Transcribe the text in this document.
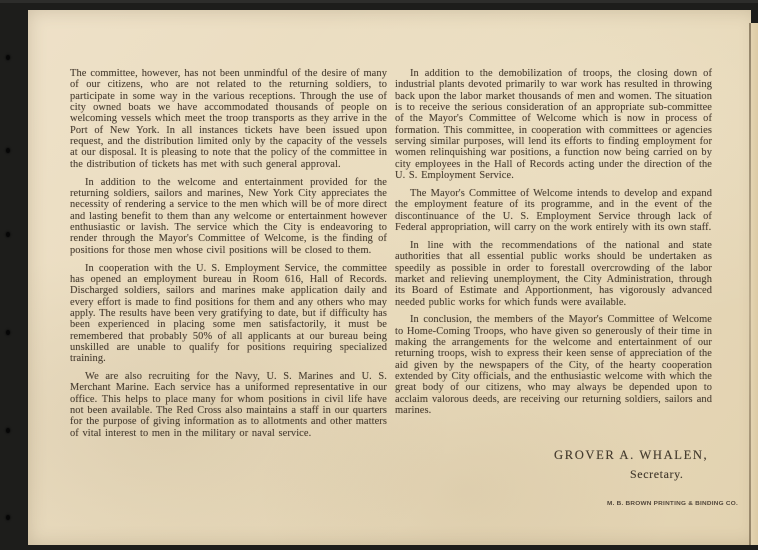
The committee, however, has not been unmindful of the desire of many of our citizens, who are not related to the returning soldiers, to participate in some way in the various receptions. Through the use of city owned boats we have accommodated thousands of people on welcoming vessels which meet the troop transports as they arrive in the Port of New York. In all instances tickets have been issued upon request, and the distribution limited only by the capacity of the vessels at our disposal. It is pleasing to note that the policy of the committee in the distribution of tickets has met with such general approval.

In addition to the welcome and entertainment provided for the returning soldiers, sailors and marines, New York City appreciates the necessity of rendering a service to the men which will be of more direct and lasting benefit to them than any welcome or entertainment however enthusiastic or lavish. The service which the City is endeavoring to render through the Mayor's Committee of Welcome, is the finding of positions for those men whose civil positions will be closed to them.

In cooperation with the U. S. Employment Service, the committee has opened an employment bureau in Room 616, Hall of Records. Discharged soldiers, sailors and marines make application daily and every effort is made to find positions for them and any others who may apply. The results have been very gratifying to date, but if difficulty has been experienced in placing some men satisfactorily, it must be remembered that probably 50% of all applicants at our bureau being unskilled are unable to qualify for positions requiring specialized training.

We are also recruiting for the Navy, U. S. Marines and U. S. Merchant Marine. Each service has a uniformed representative in our office. This helps to place many for whom positions in civil life have not been available. The Red Cross also maintains a staff in our quarters for the purpose of giving information as to allotments and other matters of vital interest to men in the military or naval service.

In addition to the demobilization of troops, the closing down of industrial plants devoted primarily to war work has resulted in throwing back upon the labor market thousands of men and women. The situation is to receive the serious consideration of an appropriate sub-committee of the Mayor's Committee of Welcome which is now in process of formation. This committee, in cooperation with committees or agencies serving similar purposes, will lend its efforts to finding employment for women relinquishing war positions, a function now being carried on by city employees in the Hall of Records acting under the direction of the U. S. Employment Service.

The Mayor's Committee of Welcome intends to develop and expand the employment feature of its programme, and in the event of the discontinuance of the U. S. Employment Service through lack of Federal appropriation, will carry on the work entirely with its own staff.

In line with the recommendations of the national and state authorities that all essential public works should be undertaken as speedily as possible in order to forestall overcrowding of the labor market and relieving unemployment, the City Administration, through its Board of Estimate and Apportionment, has vigorously advanced needed public works for which funds were available.

In conclusion, the members of the Mayor's Committee of Welcome to Home-Coming Troops, who have given so generously of their time in making the arrangements for the welcome and entertainment of our returning troops, wish to express their keen sense of appreciation of the aid given by the newspapers of the City, of the hearty cooperation extended by City officials, and the enthusiastic welcome with which the great body of our citizens, who may always be depended upon to acclaim valorous deeds, are receiving our returning soldiers, sailors and marines.

GROVER A. WHALEN,
Secretary.
M. B. BROWN PRINTING & BINDING CO.
